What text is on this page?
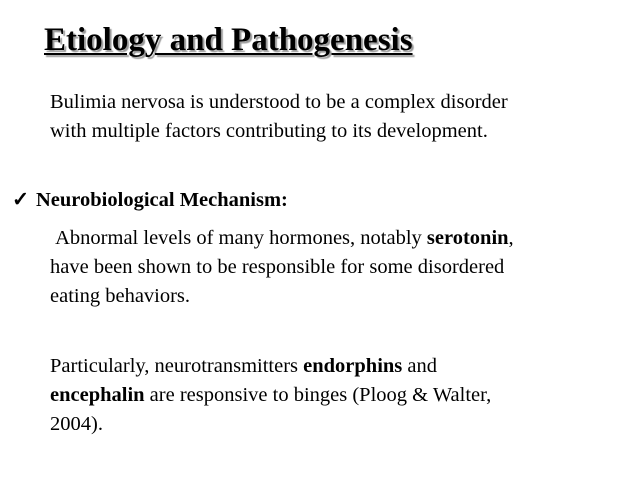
Etiology and Pathogenesis
Bulimia nervosa is understood to be a complex disorder
with multiple factors contributing to its development.
✓ Neurobiological Mechanism:
Abnormal levels of many hormones, notably serotonin,
have been shown to be responsible for some disordered
eating behaviors.
Particularly, neurotransmitters endorphins and
encephalin are responsive to binges (Ploog & Walter,
2004).
